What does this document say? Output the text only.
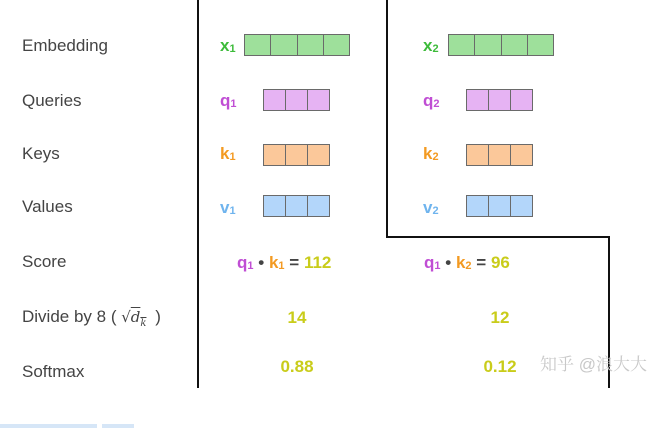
Embedding
Queries
Keys
Values
Score
Divide by 8 ( $√d_k$ )
Softmax
$x_1$
$q_1$
$k_1$
$v_1$
$q_1$ • $k_1 = 112$
14
0.88
$x_2$
$q_2$
$k_2$
$v_2$
$q_1$ • $k_2 = 96$
12
0.12	知乎 @浪大大
